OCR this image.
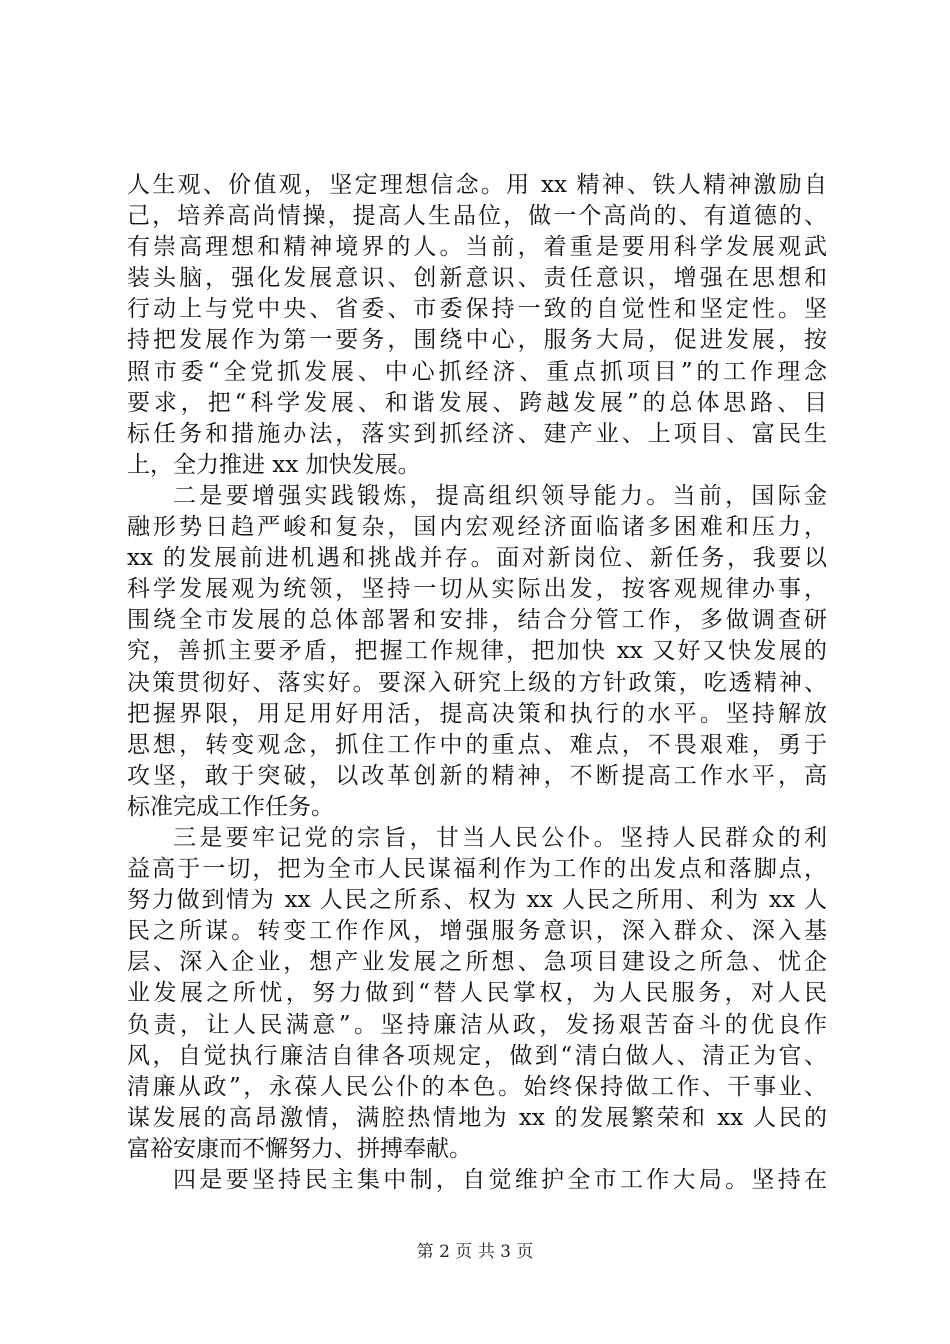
人生观、价值观，坚定理想信念。用 xx 精神、铁人精神激励自
己，培养高尚情操，提高人生品位，做一个高尚的、有道德的、
有崇高理想和精神境界的人。当前，着重是要用科学发展观武
装头脑，强化发展意识、创新意识、责任意识，增强在思想和
行动上与党中央、省委、市委保持一致的自觉性和坚定性。坚
持把发展作为第一要务，围绕中心，服务大局，促进发展，按
照市委“全党抓发展、中心抓经济、重点抓项目”的工作理念
要求，把“科学发展、和谐发展、跨越发展”的总体思路、目
标任务和措施办法，落实到抓经济、建产业、上项目、富民生
上，全力推进 xx 加快发展。
二是要增强实践锻炼，提高组织领导能力。当前，国际金
融形势日趋严峻和复杂，国内宏观经济面临诸多困难和压力，
xx 的发展前进机遇和挑战并存。面对新岗位、新任务，我要以
科学发展观为统领，坚持一切从实际出发，按客观规律办事，
围绕全市发展的总体部署和安排，结合分管工作，多做调查研
究，善抓主要矛盾，把握工作规律，把加快 xx 又好又快发展的
决策贯彻好、落实好。要深入研究上级的方针政策，吃透精神、
把握界限，用足用好用活，提高决策和执行的水平。坚持解放
思想，转变观念，抓住工作中的重点、难点，不畏艰难，勇于
攻坚，敢于突破，以改革创新的精神，不断提高工作水平，高
标准完成工作任务。
三是要牢记党的宗旨，甘当人民公仆。坚持人民群众的利
益高于一切，把为全市人民谋福利作为工作的出发点和落脚点，
努力做到情为 xx 人民之所系、权为 xx 人民之所用、利为 xx 人
民之所谋。转变工作作风，增强服务意识，深入群众、深入基
层、深入企业，想产业发展之所想、急项目建设之所急、忧企
业发展之所忧，努力做到“替人民掌权，为人民服务，对人民
负责，让人民满意”。坚持廉洁从政，发扬艰苦奋斗的优良作
风，自觉执行廉洁自律各项规定，做到“清白做人、清正为官、
清廉从政”，永葆人民公仆的本色。始终保持做工作、干事业、
谋发展的高昂激情，满腔热情地为 xx 的发展繁荣和 xx 人民的
富裕安康而不懈努力、拼搏奉献。
四是要坚持民主集中制，自觉维护全市工作大局。坚持在
第 2 页 共 3 页
